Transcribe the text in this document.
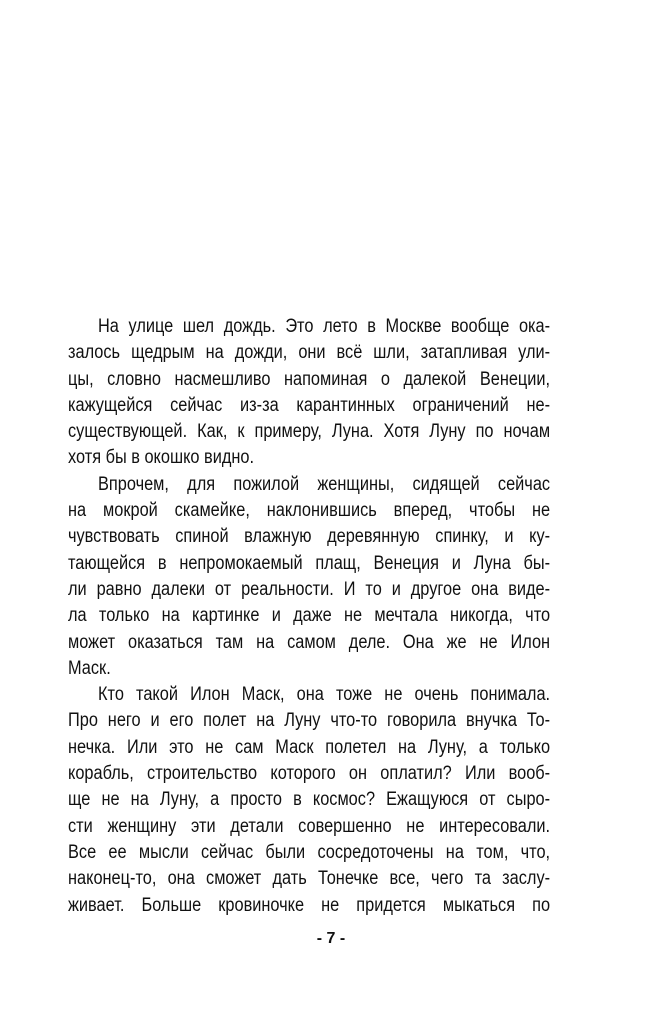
На улице шел дождь. Это лето в Москве вообще ока-
залось щедрым на дожди, они всё шли, затапливая ули-
цы, словно насмешливо напоминая о далекой Венеции,
кажущейся сейчас из-за карантинных ограничений не-
существующей. Как, к примеру, Луна. Хотя Луну по ночам
хотя бы в окошко видно.
Впрочем, для пожилой женщины, сидящей сейчас
на мокрой скамейке, наклонившись вперед, чтобы не
чувствовать спиной влажную деревянную спинку, и ку-
тающейся в непромокаемый плащ, Венеция и Луна бы-
ли равно далеки от реальности. И то и другое она виде-
ла только на картинке и даже не мечтала никогда, что
может оказаться там на самом деле. Она же не Илон
Маск.
Кто такой Илон Маск, она тоже не очень понимала.
Про него и его полет на Луну что-то говорила внучка То-
нечка. Или это не сам Маск полетел на Луну, а только
корабль, строительство которого он оплатил? Или вооб-
ще не на Луну, а просто в космос? Ежащуюся от сыро-
сти женщину эти детали совершенно не интересовали.
Все ее мысли сейчас были сосредоточены на том, что,
наконец-то, она сможет дать Тонечке все, чего та заслу-
живает. Больше кровиночке не придется мыкаться по
- 7 -
